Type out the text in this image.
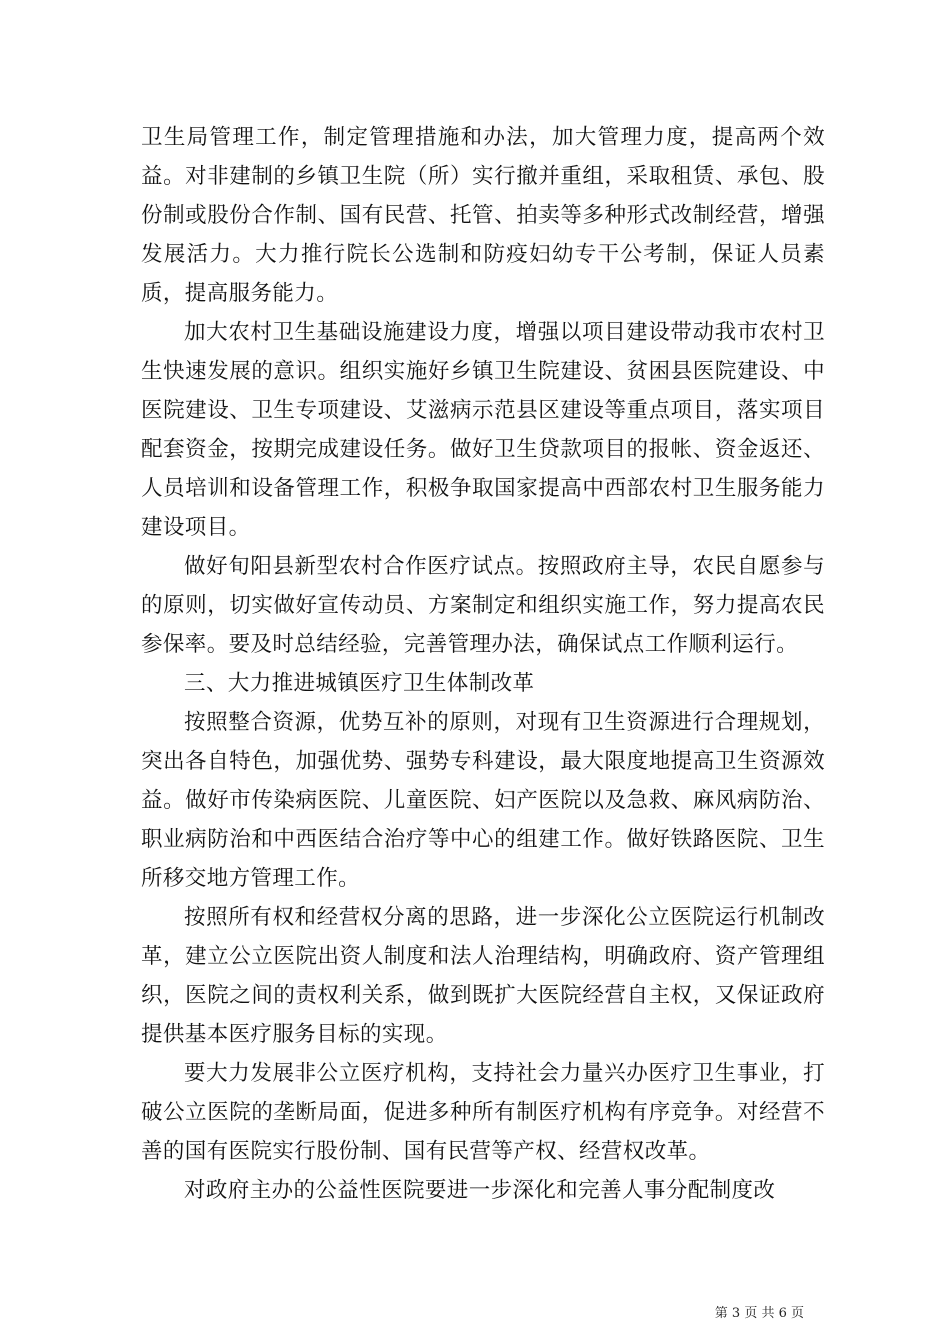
卫生局管理工作，制定管理措施和办法，加大管理力度，提高两个效益。对非建制的乡镇卫生院（所）实行撤并重组，采取租赁、承包、股份制或股份合作制、国有民营、托管、拍卖等多种形式改制经营，增强发展活力。大力推行院长公选制和防疫妇幼专干公考制，保证人员素质，提高服务能力。

加大农村卫生基础设施建设力度，增强以项目建设带动我市农村卫生快速发展的意识。组织实施好乡镇卫生院建设、贫困县医院建设、中医院建设、卫生专项建设、艾滋病示范县区建设等重点项目，落实项目配套资金，按期完成建设任务。做好卫生贷款项目的报帐、资金返还、人员培训和设备管理工作，积极争取国家提高中西部农村卫生服务能力建设项目。

做好旬阳县新型农村合作医疗试点。按照政府主导，农民自愿参与的原则，切实做好宣传动员、方案制定和组织实施工作，努力提高农民参保率。要及时总结经验，完善管理办法，确保试点工作顺利运行。

三、大力推进城镇医疗卫生体制改革

按照整合资源，优势互补的原则，对现有卫生资源进行合理规划，突出各自特色，加强优势、强势专科建设，最大限度地提高卫生资源效益。做好市传染病医院、儿童医院、妇产医院以及急救、麻风病防治、职业病防治和中西医结合治疗等中心的组建工作。做好铁路医院、卫生所移交地方管理工作。

按照所有权和经营权分离的思路，进一步深化公立医院运行机制改革，建立公立医院出资人制度和法人治理结构，明确政府、资产管理组织，医院之间的责权利关系，做到既扩大医院经营自主权，又保证政府提供基本医疗服务目标的实现。

要大力发展非公立医疗机构，支持社会力量兴办医疗卫生事业，打破公立医院的垄断局面，促进多种所有制医疗机构有序竞争。对经营不善的国有医院实行股份制、国有民营等产权、经营权改革。

对政府主办的公益性医院要进一步深化和完善人事分配制度改

第 3 页 共 6 页
